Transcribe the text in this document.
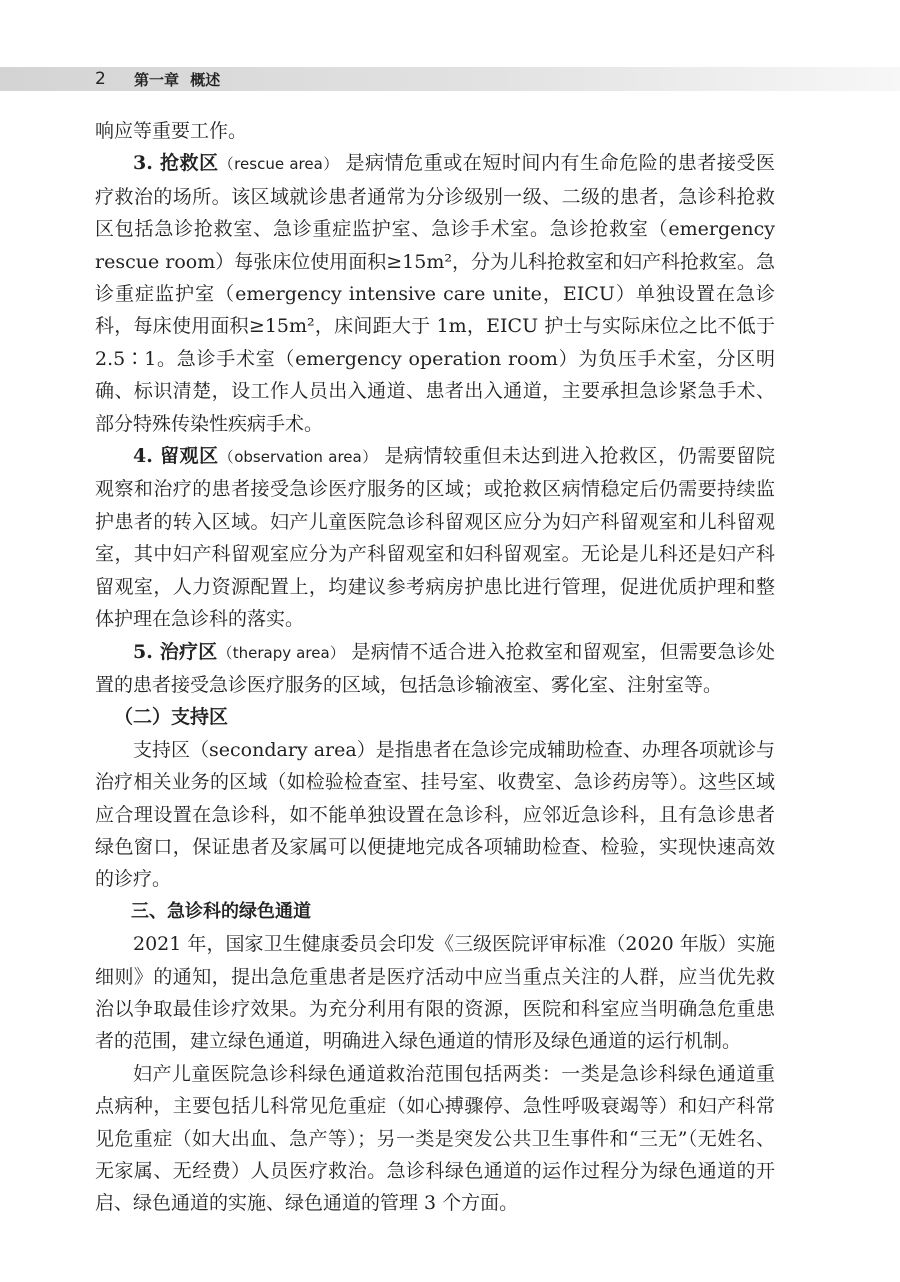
2 第一章 概述

响应等重要工作。

3. 抢救区（rescue area） 是病情危重或在短时间内有生命危险的患者接受医疗救治的场所。该区域就诊患者通常为分诊级别一级、二级的患者，急诊科抢救区包括急诊抢救室、急诊重症监护室、急诊手术室。急诊抢救室（emergency rescue room）每张床位使用面积≥15m²，分为儿科抢救室和妇产科抢救室。急诊重症监护室（emergency intensive care unite，EICU）单独设置在急诊科，每床使用面积≥15m²，床间距大于 1m，EICU 护士与实际床位之比不低于 2.5∶1。急诊手术室（emergency operation room）为负压手术室，分区明确、标识清楚，设工作人员出入通道、患者出入通道，主要承担急诊紧急手术、部分特殊传染性疾病手术。

4. 留观区（observation area） 是病情较重但未达到进入抢救区，仍需要留院观察和治疗的患者接受急诊医疗服务的区域；或抢救区病情稳定后仍需要持续监护患者的转入区域。妇产儿童医院急诊科留观区应分为妇产科留观室和儿科留观室，其中妇产科留观室应分为产科留观室和妇科留观室。无论是儿科还是妇产科留观室，人力资源配置上，均建议参考病房护患比进行管理，促进优质护理和整体护理在急诊科的落实。

5. 治疗区（therapy area） 是病情不适合进入抢救室和留观室，但需要急诊处置的患者接受急诊医疗服务的区域，包括急诊输液室、雾化室、注射室等。

（二）支持区

支持区（secondary area）是指患者在急诊完成辅助检查、办理各项就诊与治疗相关业务的区域（如检验检查室、挂号室、收费室、急诊药房等）。这些区域应合理设置在急诊科，如不能单独设置在急诊科，应邻近急诊科，且有急诊患者绿色窗口，保证患者及家属可以便捷地完成各项辅助检查、检验，实现快速高效的诊疗。

三、急诊科的绿色通道

2021 年，国家卫生健康委员会印发《三级医院评审标准（2020 年版）实施细则》的通知，提出急危重患者是医疗活动中应当重点关注的人群，应当优先救治以争取最佳诊疗效果。为充分利用有限的资源，医院和科室应当明确急危重患者的范围，建立绿色通道，明确进入绿色通道的情形及绿色通道的运行机制。

妇产儿童医院急诊科绿色通道救治范围包括两类：一类是急诊科绿色通道重点病种，主要包括儿科常见危重症（如心搏骤停、急性呼吸衰竭等）和妇产科常见危重症（如大出血、急产等）；另一类是突发公共卫生事件和“三无”（无姓名、无家属、无经费）人员医疗救治。急诊科绿色通道的运作过程分为绿色通道的开启、绿色通道的实施、绿色通道的管理 3 个方面。
